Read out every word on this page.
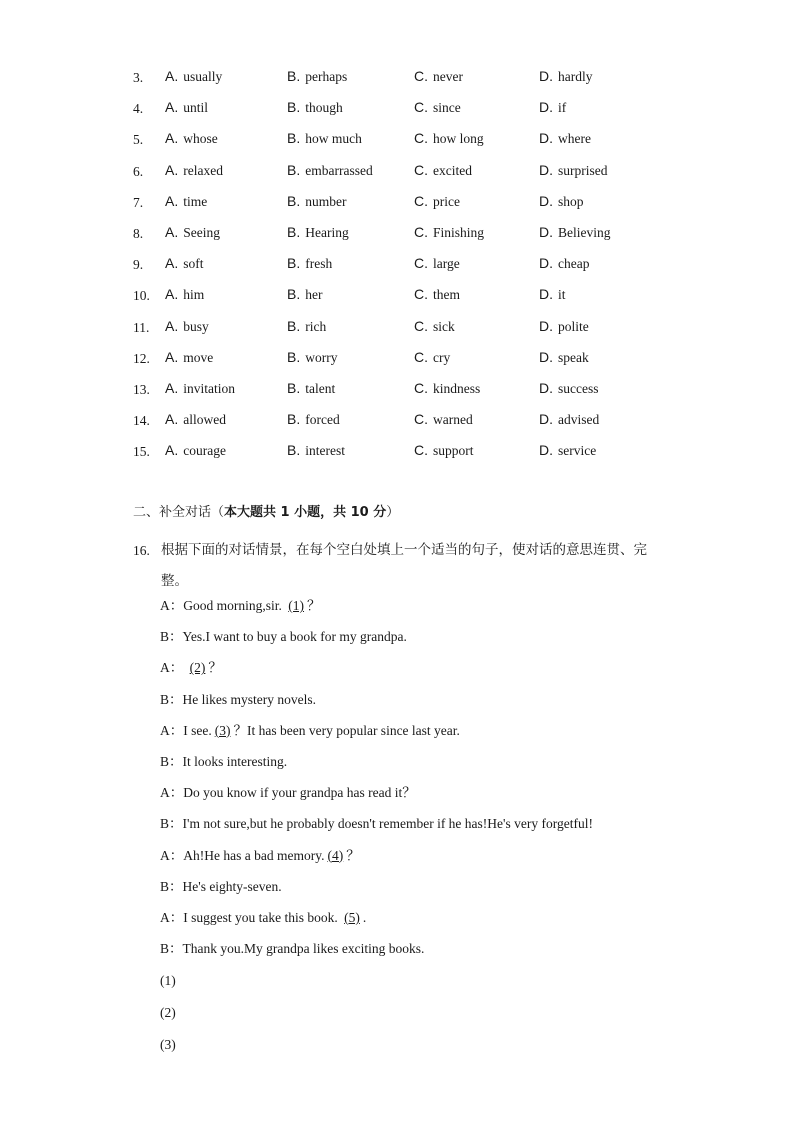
3.	A. usually	B. perhaps	C. never	D. hardly
4.	A. until	B. though	C. since	D. if
5.	A. whose	B. how much	C. how long	D. where
6.	A. relaxed	B. embarrassed	C. excited	D. surprised
7.	A. time	B. number	C. price	D. shop
8.	A. Seeing	B. Hearing	C. Finishing	D. Believing
9.	A. soft	B. fresh	C. large	D. cheap
10.	A. him	B. her	C. them	D. it
11.	A. busy	B. rich	C. sick	D. polite
12.	A. move	B. worry	C. cry	D. speak
13.	A. invitation	B. talent	C. kindness	D. success
14.	A. allowed	B. forced	C. warned	D. advised
15.	A. courage	B. interest	C. support	D. service
二、补全对话（本大题共 1 小题，共 10 分）
16. 根据下面的对话情景，在每个空白处填上一个适当的句子，使对话的意思连贯、完整。
A：Good morning,sir. (1) ？
B：Yes.I want to buy a book for my grandpa.
A： (2) ？
B：He likes mystery novels.
A：I see. (3) ？It has been very popular since last year.
B：It looks interesting.
A：Do you know if your grandpa has read it？
B：I'm not sure,but he probably doesn't remember if he has!He's very forgetful!
A：Ah!He has a bad memory. (4) ？
B：He's eighty-seven.
A：I suggest you take this book. (5) .
B：Thank you.My grandpa likes exciting books.
(1)
(2)
(3)
